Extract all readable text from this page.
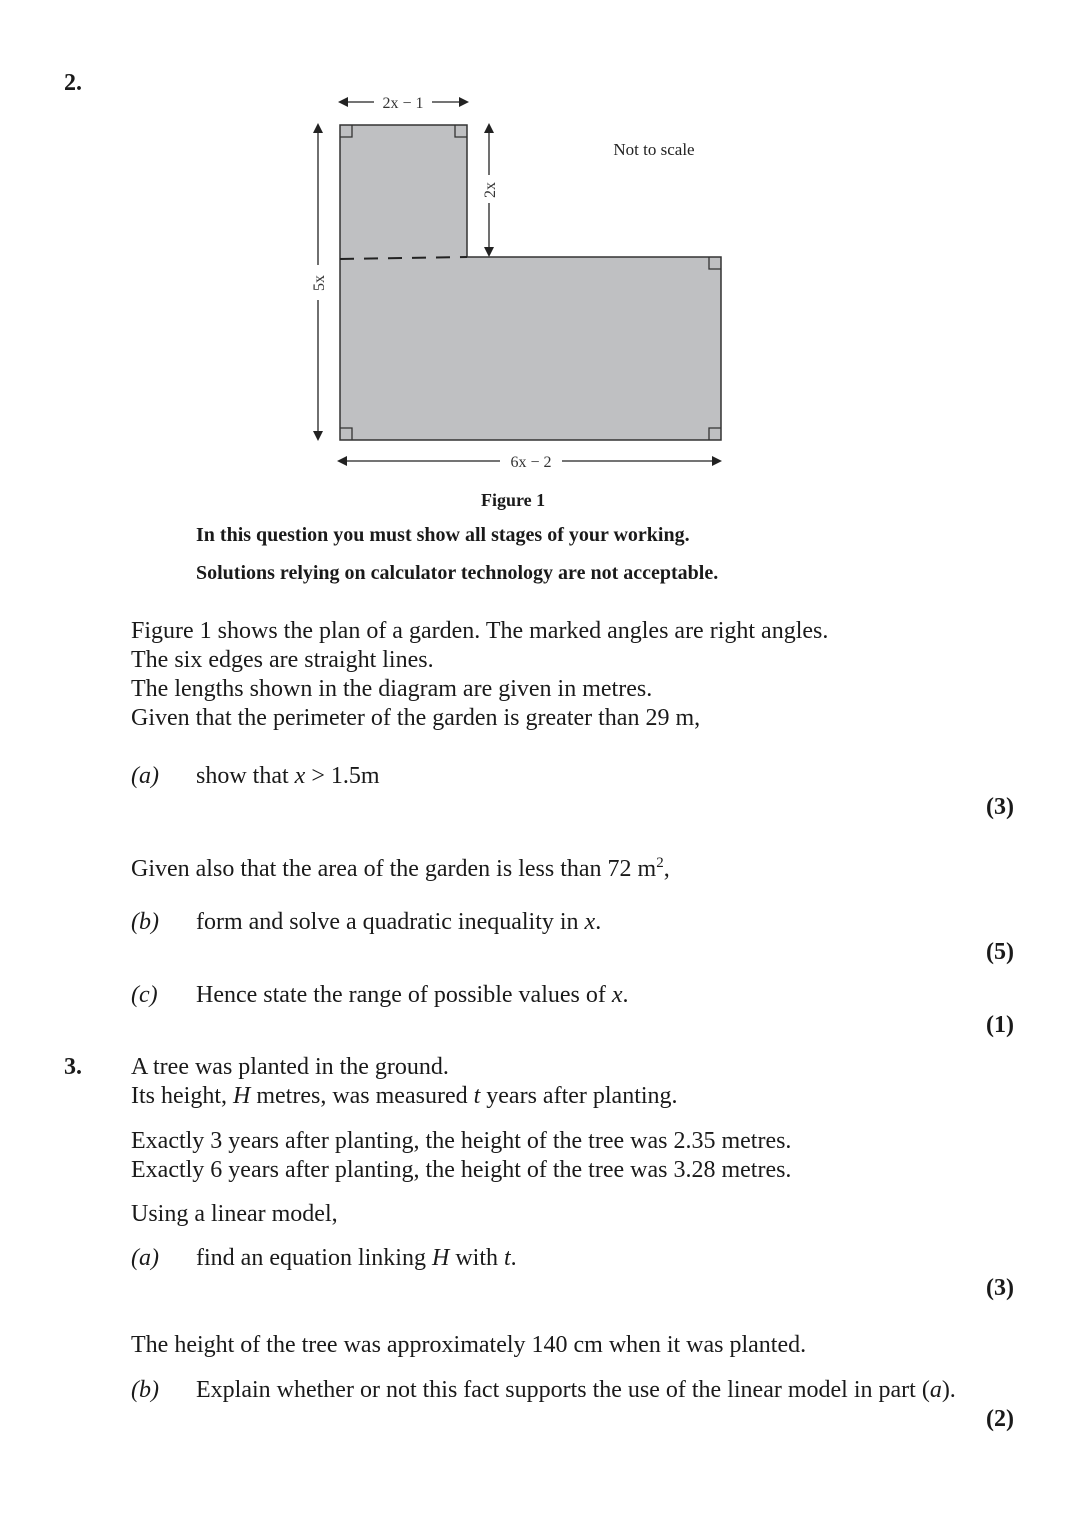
2.
2x − 1
2x
5x
6x − 2
Not to scale
Figure 1
In this question you must show all stages of your working.
Solutions relying on calculator technology are not acceptable.
Figure 1 shows the plan of a garden. The marked angles are right angles.
The six edges are straight lines.
The lengths shown in the diagram are given in metres.
Given that the perimeter of the garden is greater than 29 m,
(a) show that x > 1.5m
(3)
Given also that the area of the garden is less than 72 $m^2$,
(b) form and solve a quadratic inequality in x.
(5)
(c) Hence state the range of possible values of x.
(1)
3. A tree was planted in the ground.
Its height, H metres, was measured t years after planting.
Exactly 3 years after planting, the height of the tree was 2.35 metres.
Exactly 6 years after planting, the height of the tree was 3.28 metres.
Using a linear model,
(a) find an equation linking H with t.
(3)
The height of the tree was approximately 140 cm when it was planted.
(b) Explain whether or not this fact supports the use of the linear model in part (a).
(2)
